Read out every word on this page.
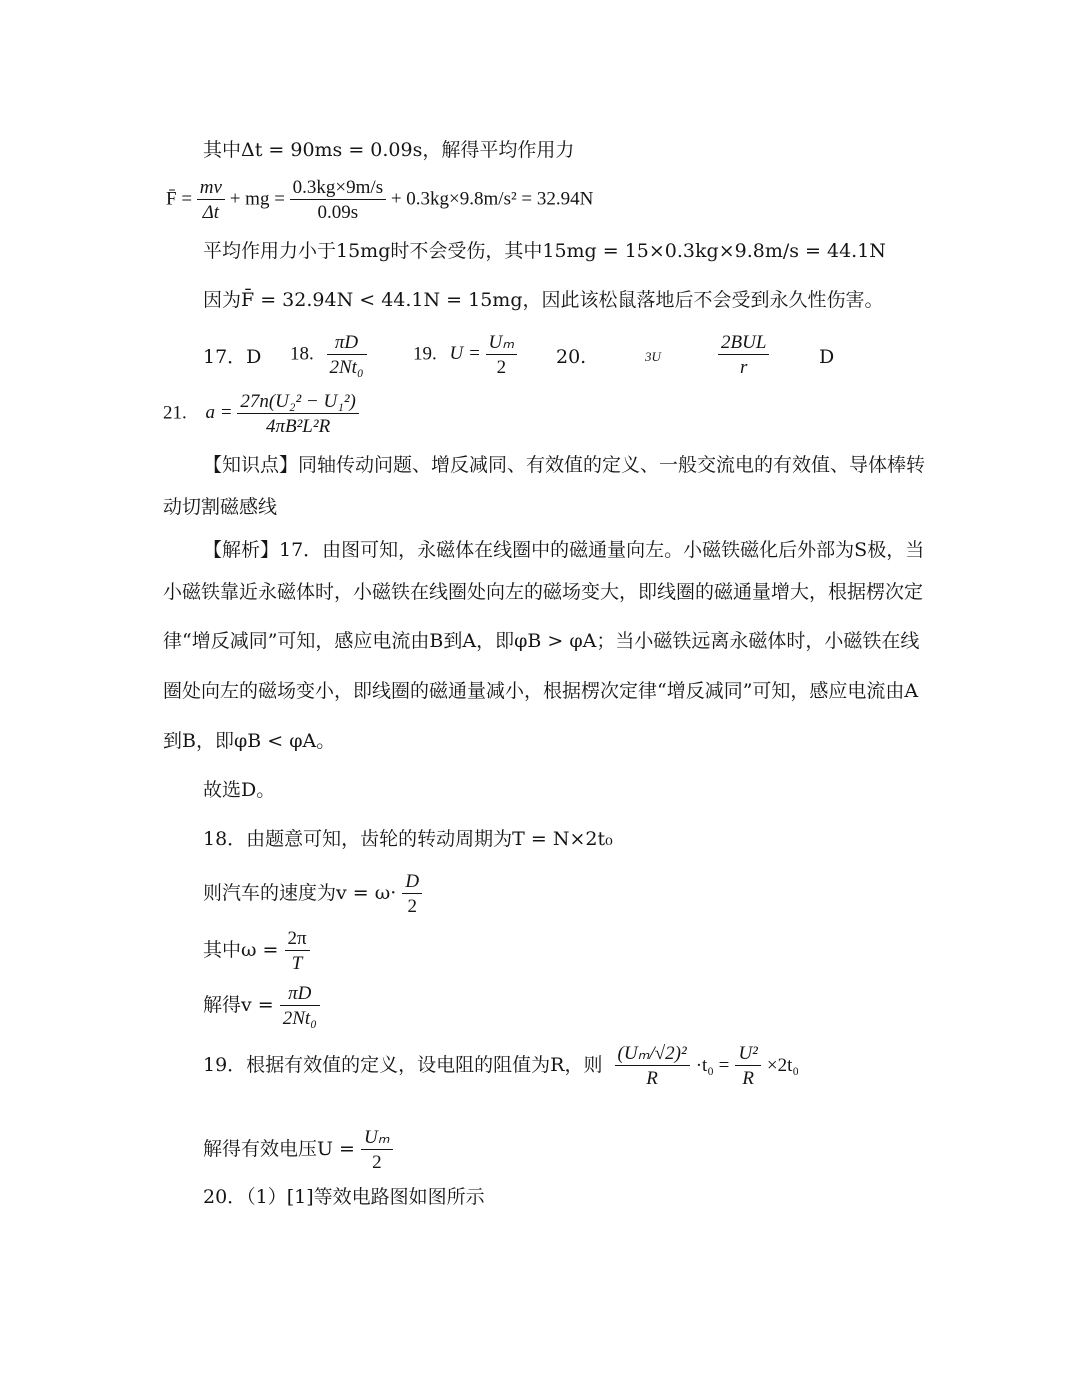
其中Δt = 90ms = 0.09s，解得平均作用力
F̄ = $\frac{mv}{\Delta t}$ + mg = $\frac{0.3kg\times 9m/s}{0.09s} + 0.3kg\times 9.8m/s^2 = 32.94N$
平均作用力小于15mg时不会受伤，其中15mg = 15×0.3kg×9.8m/s = 44.1N
因为F̄ = 32.94N < 44.1N = 15mg，因此该松鼠落地后不会受到永久性伤害。
17．D 18. $\frac{\pi D}{\text{2Nt₀}} 19$. $U = \frac{\text{Uₘ}}{2} 20$.	3U	$\frac{\text{2BUL}}{r}$	D
21. $a = \frac{\text{27n(U₂² − U₁²)}}{\text{4πB²L²R}}$
【知识点】同轴传动问题、增反减同、有效值的定义、一般交流电的有效值、导体棒转
动切割磁感线
【解析】17．由图可知，永磁体在线圈中的磁通量向左。小磁铁磁化后外部为S极，当
小磁铁靠近永磁体时，小磁铁在线圈处向左的磁场变大，即线圈的磁通量增大，根据楞次定
律“增反减同”可知，感应电流由B到A，即φB > φA；当小磁铁远离永磁体时，小磁铁在线
圈处向左的磁场变小，即线圈的磁通量减小，根据楞次定律“增反减同”可知，感应电流由A
到B，即φB < φA。
故选D。
18．由题意可知，齿轮的转动周期为T = N×2t₀
则汽车的速度为$v = \omega\cdot \frac{D}{2}$
其中$\omega = \frac{2\pi}{T}$
解得$v = \frac{\pi D}{\text{2Nt₀}}$
19．根据有效值的定义，设电阻的阻值为R，则 $\frac{\text{(Uₘ/√2)²}}{R} \cdot t_0 = \frac{\text{U²}}{R} \times 2t_0$
解得有效电压$U = \frac{\text{Uₘ}}{2}$
20．（1）[1]等效电路图如图所示
